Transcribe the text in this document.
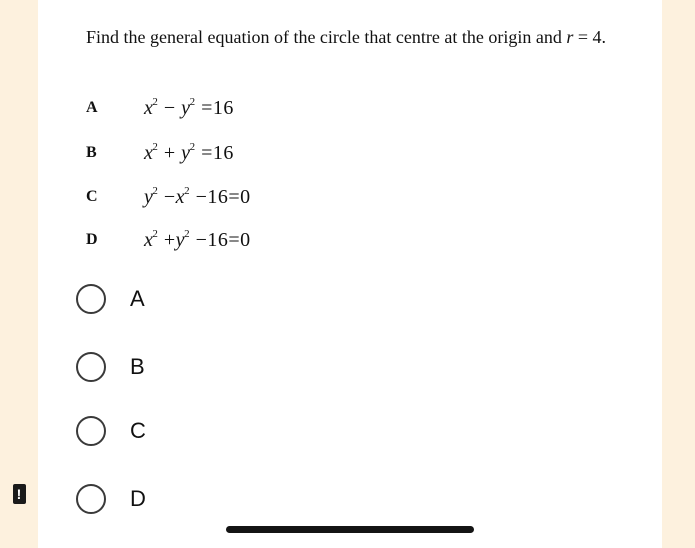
Find the general equation of the circle that centre at the origin and r = 4.
A	$x^2 - y^2 =16$
B	$x^2 + y^2 =16$
C	$y^2 -x^2 -16=0$
D	$x^2 +y^2 -16=0$
A
B
C
D
!
